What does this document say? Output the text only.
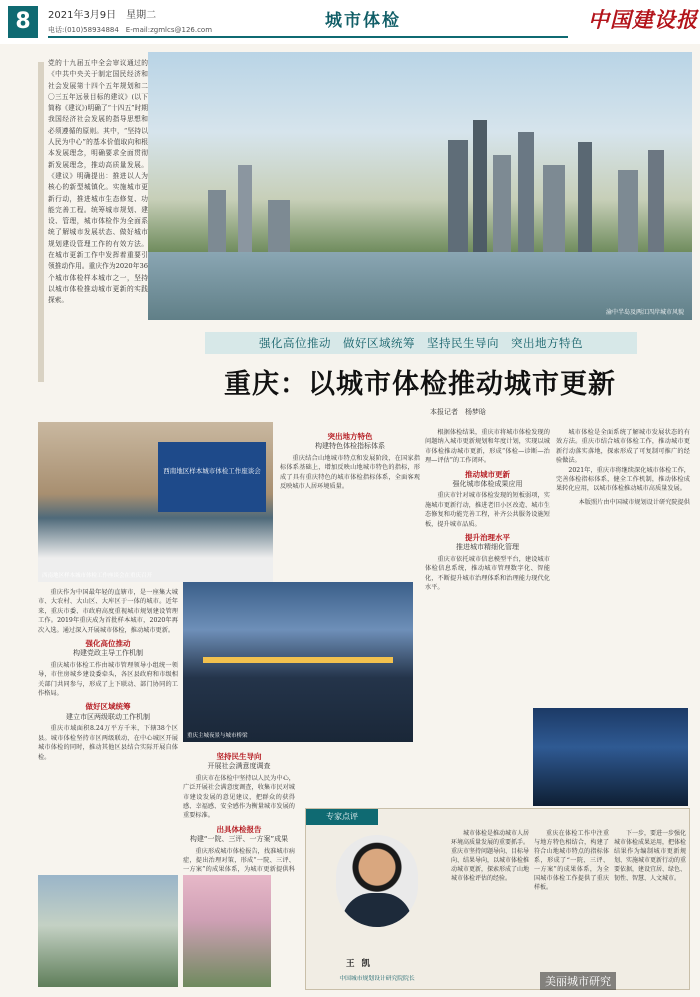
8	2021年3月9日　星期二
电话:(010)58934884　E-mail:zgmlcs@126.com	城市体检	中国建设报
党的十九届五中全会审议通过的《中共中央关于制定国民经济和社会发展第十四个五年规划和二〇三五年远景目标的建议》(以下简称《建议》)明确了“十四五”时期我国经济社会发展的指导思想和必须遵循的原则。其中，“坚持以人民为中心”的基本价值取向和根本发展理念，明确要求全面贯彻新发展理念，推动高质量发展。《建议》明确提出：推进以人为核心的新型城镇化。实施城市更新行动，推进城市生态修复、功能完善工程。统筹城市规划、建设、管理，城市体检作为全面系统了解城市发展状态、做好城市规划建设管理工作的有效方法。在城市更新工作中发挥着重要引领推动作用。重庆作为2020年36个城市体检样本城市之一，坚持以城市体检推动城市更新的实践探索。
渝中半岛及两江四岸城市风貌
强化高位推动　做好区域统筹　坚持民生导向　突出地方特色
重庆：以城市体检推动城市更新
本报记者　杨梦晗
西南地区样本城市体检工作座谈会
西南地区样本城市体检工作座谈会在重庆召开

重庆作为中国最年轻的直辖市，是一座集大城市、大农村、大山区、大库区于一体的城市。近年来，重庆市委、市政府高度重视城市规划建设管理工作。2019年重庆成为首批样本城市，2020年再次入选。通过深入开展城市体检，推动城市更新。

强化高位推动
构建党政主导工作机制

重庆城市体检工作由城市管理领导小组统一领导，市住房城乡建设委牵头，各区县政府和市级相关部门共同参与，形成了上下联动、部门协同的工作格局。

做好区域统筹
建立市区两级联动工作机制

重庆市域面积8.24万平方千米，下辖38个区县。城市体检坚持市区两级联动，在中心城区开展城市体检的同时，推动其他区县结合实际开展自体检。

突出地方特色
构建特色体检指标体系

重庆结合山地城市特点和发展阶段，在国家指标体系基础上，增加反映山地城市特色的指标，形成了具有重庆特色的城市体检指标体系，全面客观反映城市人居环境质量。

重庆主城夜景与城市桥梁
坚持民生导向
开展社会满意度调查

重庆市在体检中坚持以人民为中心，广泛开展社会满意度调查，收集市民对城市建设发展的意见建议，把群众的获得感、幸福感、安全感作为衡量城市发展的重要标准。

出具体检报告
构建“一院、三评、一方案”成果

重庆形成城市体检报告，找准城市病症，提出治理对策，形成“一院、三评、一方案”的成果体系，为城市更新提供科

根据体检结果，重庆市将城市体检发现的问题纳入城市更新规划和年度计划，实现以城市体检推动城市更新，形成“体检—诊断—治理—评估”的工作闭环。

推动城市更新
强化城市体检成果应用

重庆市针对城市体检发现的短板弱项，实施城市更新行动，推进老旧小区改造、城市生态修复和功能完善工程，补齐公共服务设施短板，提升城市品质。

提升治理水平
推进城市精细化管理

重庆市依托城市信息模型平台，建设城市体检信息系统，推动城市管理数字化、智能化，不断提升城市治理体系和治理能力现代化水平。

城市体检是全面系统了解城市发展状态的有效方法。重庆市结合城市体检工作，推动城市更新行动落实落地，探索形成了可复制可推广的经验做法。

2021年，重庆市将继续深化城市体检工作，完善体检指标体系，健全工作机制，推动体检成果转化应用，以城市体检推动城市高质量发展。

本版照片由中国城市规划设计研究院提供

专家点评
王 凯
中国城市规划设计研究院院长

城市体检是推动城市人居环境高质量发展的重要抓手。重庆市坚持问题导向、目标导向、结果导向，以城市体检推动城市更新，探索形成了山地城市体检评估的经验。

重庆在体检工作中注重与地方特色相结合，构建了符合山地城市特点的指标体系，形成了“一院、三评、一方案”的成果体系，为全国城市体检工作提供了重庆样板。

下一步，要进一步强化城市体检成果运用，把体检结果作为编制城市更新规划、实施城市更新行动的重要依据，建设宜居、绿色、韧性、智慧、人文城市。

美丽城市研究
